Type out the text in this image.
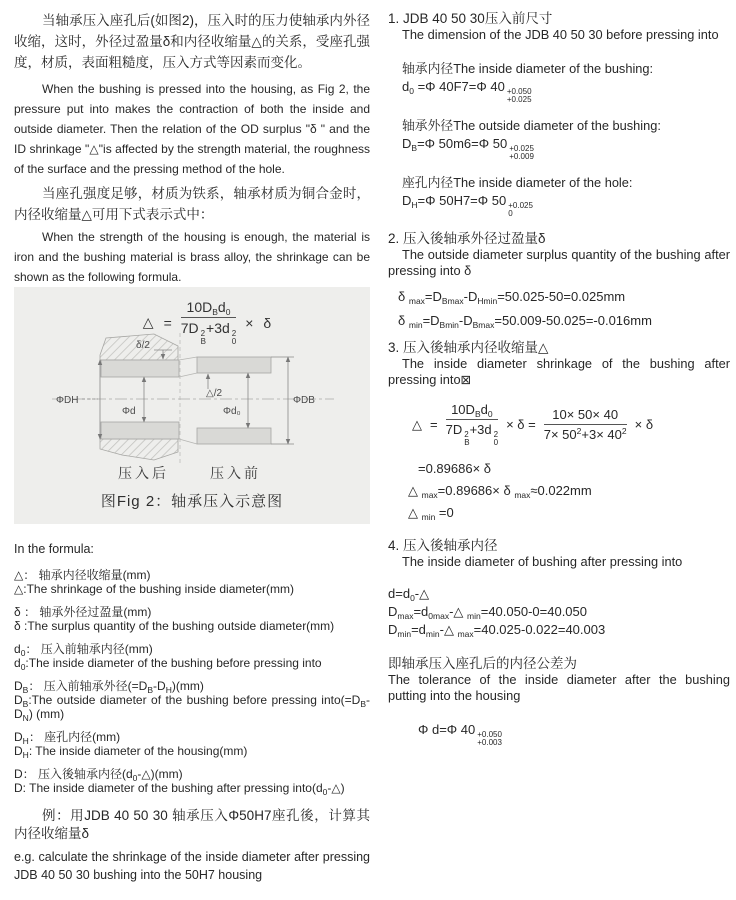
当轴承压入座孔后(如图2)，压入时的压力使轴承内外径收缩，这时，外径过盈量δ和内径收缩量△的关系，受座孔强度，材质，表面粗糙度，压入方式等因素而变化。

When the bushing is pressed into the housing, as Fig 2, the pressure put into makes the contraction of both the inside and outside diameter. Then the relation of the OD surplus "δ " and the ID shrinkage "△"is affected by the strength material, the roughness of the surface and the pressing method of the hole.

当座孔强度足够，材质为铁系，轴承材质为铜合金时，内径收缩量△可用下式表示式中：

When the strength of the housing is enough, the material is iron and the bushing material is brass alloy, the shrinkage can be shown as the following formula.

△ = $10D_Bd_0$
7D 2
B
+3d 2
0 × δ
ΦDH
Φd
δ/2
△/2
Φd₀
ΦDB
压入后	压入前
图Fig 2：轴承压入示意图

In the formula:

△： 轴承内径收缩量(mm)
△:The shrinkage of the bushing inside diameter(mm)
δ ： 轴承外径过盈量(mm)
δ :The surplus quantity of the bushing outside diameter(mm)
$d_0$： 压入前轴承内径(mm)
$d_0:The$ inside diameter of the bushing before pressing into
$D_B$： 压入前轴承外径$(=D_B-D_H)(mm)$
$D_B:The$ outside diameter of the bushing before pressing $into(=D_B-D_N)$ (mm)
$D_H$： 座孔内径(mm)
$D_H$: The inside diameter of the housing(mm)
D： 压入後轴承内径$(d_0-\triangle)(mm)$
D: The inside diameter of the bushing after pressing $into(d_0-\triangle)$

例：用JDB 40 50 30 轴承压入Φ50H7座孔後，计算其内径收缩量δ

e.g. calculate the shrinkage of the inside diameter after pressing JDB 40 50 30 bushing into the 50H7 housing

1. JDB 40 50 30压入前尺寸
The dimension of the JDB 40 50 30 before pressing into
轴承内径The inside diameter of the bushing:
$d_0 =\Phi$ 40F7=Φ 40 +0.050
+0.025
轴承外径The outside diameter of the bushing:
$D_B=\Phi$ 50m6=Φ 50 +0.025
+0.009
座孔内径The inside diameter of the hole:
$D_H=\Phi$ 50H7=Φ 50 +0.025
0
2. 压入後轴承外径过盈量δ
The outside diameter surplus quantity of the bushing after pressing into δ
δ $_{max}=D_{Bmax}-D_{Hmin}=50.025-50=0.025mm$
δ $_{min}=D_{Bmin}-D_{Bmax}=50.009-50.025=-0.016mm$
3. 压入後轴承内径收缩量△
The inside diameter shrinkage of the bushing after pressing into⊠
△ = $10D_Bd_0$
7D 2
B
+3d 2
$0 \times \delta = \frac{10\times 50\times 40}{7\times 50^2+3\times 40^2} \times \delta$
=0.89686× δ
△ $_{max}$=0.89686× δ $_{max}$≈0.022mm
△ $_{min}$ =0
4. 压入後轴承内径
The inside diameter of bushing after pressing into
$d=d_0-\triangle$
$D_{max}=d_{0max}-\triangle$ $_{min}$=40.050-0=40.050
$D_{min}=d_{min}-\triangle$ $_{max}$=40.025-0.022=40.003
即轴承压入座孔后的内径公差为
The tolerance of the inside diameter after the bushing putting into the housing
Φ d=Φ 40 +0.050
+0.003
